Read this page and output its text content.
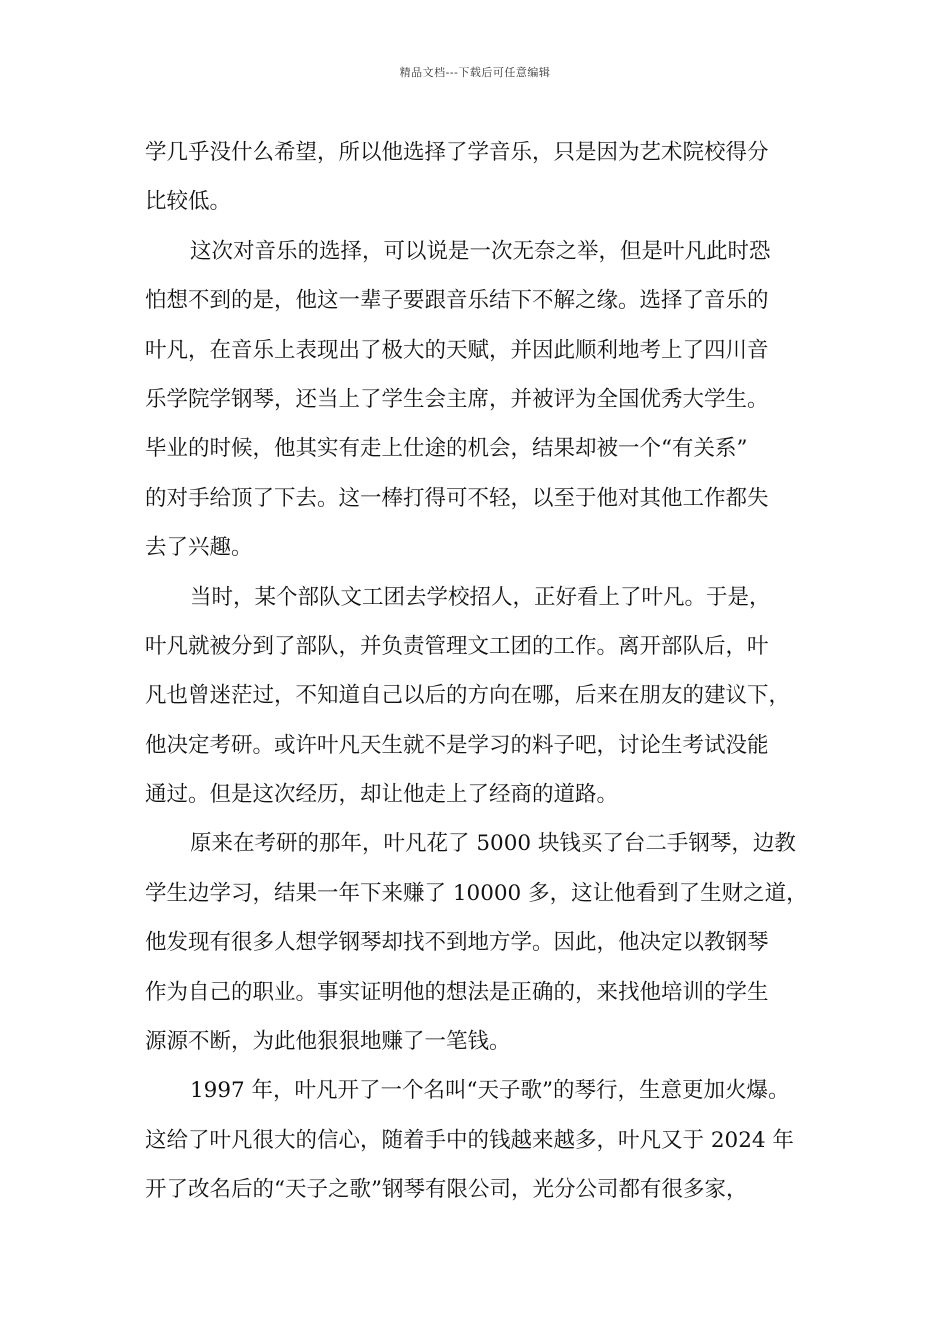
精品文档---下载后可任意编辑
学几乎没什么希望，所以他选择了学音乐，只是因为艺术院校得分
比较低。
这次对音乐的选择，可以说是一次无奈之举，但是叶凡此时恐
怕想不到的是，他这一辈子要跟音乐结下不解之缘。选择了音乐的
叶凡，在音乐上表现出了极大的天赋，并因此顺利地考上了四川音
乐学院学钢琴，还当上了学生会主席，并被评为全国优秀大学生。
毕业的时候，他其实有走上仕途的机会，结果却被一个“有关系”
的对手给顶了下去。这一棒打得可不轻，以至于他对其他工作都失
去了兴趣。
当时，某个部队文工团去学校招人，正好看上了叶凡。于是，
叶凡就被分到了部队，并负责管理文工团的工作。离开部队后，叶
凡也曾迷茫过，不知道自己以后的方向在哪，后来在朋友的建议下，
他决定考研。或许叶凡天生就不是学习的料子吧，讨论生考试没能
通过。但是这次经历，却让他走上了经商的道路。
原来在考研的那年，叶凡花了 5000 块钱买了台二手钢琴，边教
学生边学习，结果一年下来赚了 10000 多，这让他看到了生财之道，
他发现有很多人想学钢琴却找不到地方学。因此，他决定以教钢琴
作为自己的职业。事实证明他的想法是正确的，来找他培训的学生
源源不断，为此他狠狠地赚了一笔钱。
1997 年，叶凡开了一个名叫“天子歌”的琴行，生意更加火爆。
这给了叶凡很大的信心，随着手中的钱越来越多，叶凡又于 2024 年
开了改名后的“天子之歌”钢琴有限公司，光分公司都有很多家，
